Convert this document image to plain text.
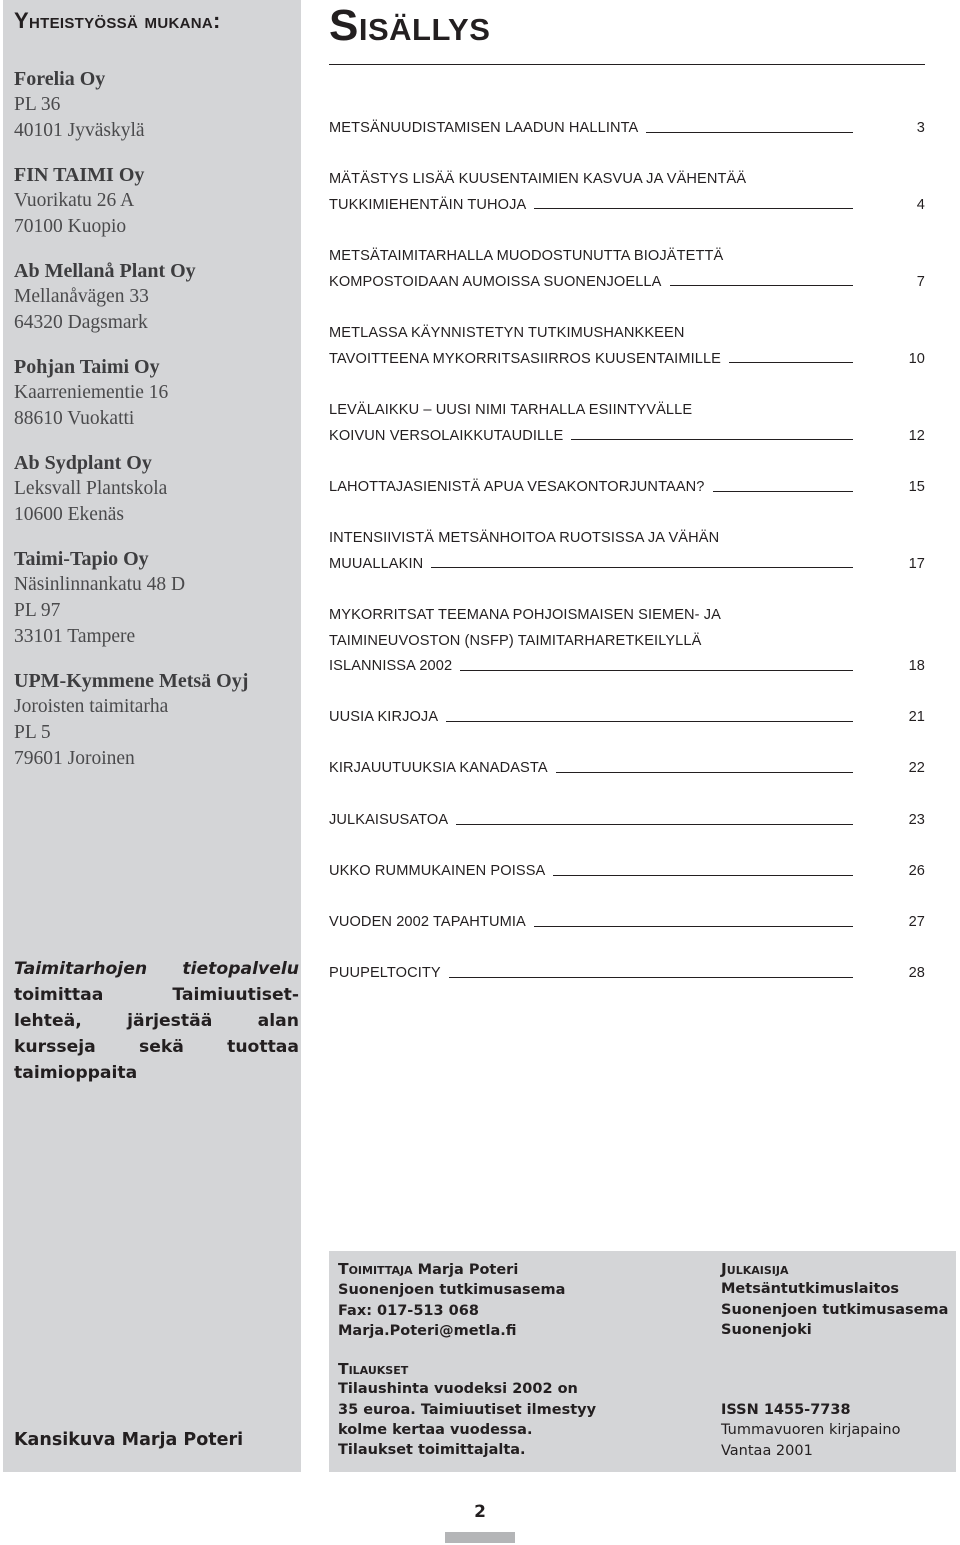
Yhteistyössä mukana:
Forelia Oy
PL 36
40101 Jyväskylä
FIN TAIMI Oy
Vuorikatu 26 A
70100 Kuopio
Ab Mellanå Plant Oy
Mellanåvägen 33
64320 Dagsmark
Pohjan Taimi Oy
Kaarreniementie 16
88610 Vuokatti
Ab Sydplant Oy
Leksvall Plantskola
10600 Ekenäs
Taimi-Tapio Oy
Näsinlinnankatu 48 D
PL 97
33101 Tampere
UPM-Kymmene Metsä Oyj
Joroisten taimitarha
PL 5
79601 Joroinen

Taimitarhojen tietopalvelu toimittaa Taimiuutiset-lehteä, järjestää alan kursseja sekä tuottaa taimioppaita

Kansikuva Marja Poteri

Sisällys
METSÄNUUDISTAMISEN LAADUN HALLINTA	3
MÄTÄSTYS LISÄÄ KUUSENTAIMIEN KASVUA JA VÄHENTÄÄ
TUKKIMIEHENTÄIN TUHOJA	4
METSÄTAIMITARHALLA MUODOSTUNUTTA BIOJÄTETTÄ
KOMPOSTOIDAAN AUMOISSA SUONENJOELLA	7
METLASSA KÄYNNISTETYN TUTKIMUSHANKKEEN
TAVOITTEENA MYKORRITSASIIRROS KUUSENTAIMILLE	10
LEVÄLAIKKU – UUSI NIMI TARHALLA ESIINTYVÄLLE
KOIVUN VERSOLAIKKUTAUDILLE	12
LAHOTTAJASIENISTÄ APUA VESAKONTORJUNTAAN?	15
INTENSIIVISTÄ METSÄNHOITOA RUOTSISSA JA VÄHÄN
MUUALLAKIN	17
MYKORRITSAT TEEMANA POHJOISMAISEN SIEMEN- JA
TAIMINEUVOSTON (NSFP) TAIMITARHARETKEILYLLÄ
ISLANNISSA 2002	18
UUSIA KIRJOJA	21
KIRJAUUTUUKSIA KANADASTA	22
JULKAISUSATOA	23
UKKO RUMMUKAINEN POISSA	26
VUODEN 2002 TAPAHTUMIA	27
PUUPELTOCITY	28
Toimittaja Marja Poteri
Suonenjoen tutkimusasema
Fax: 017-513 068
Marja.Poteri@metla.fi
Julkaisija
Metsäntutkimuslaitos
Suonenjoen tutkimusasema
Suonenjoki
Tilaukset
Tilaushinta vuodeksi 2002 on
35 euroa. Taimiuutiset ilmestyy
kolme kertaa vuodessa.
Tilaukset toimittajalta.
ISSN 1455-7738
Tummavuoren kirjapaino
Vantaa 2001
2
